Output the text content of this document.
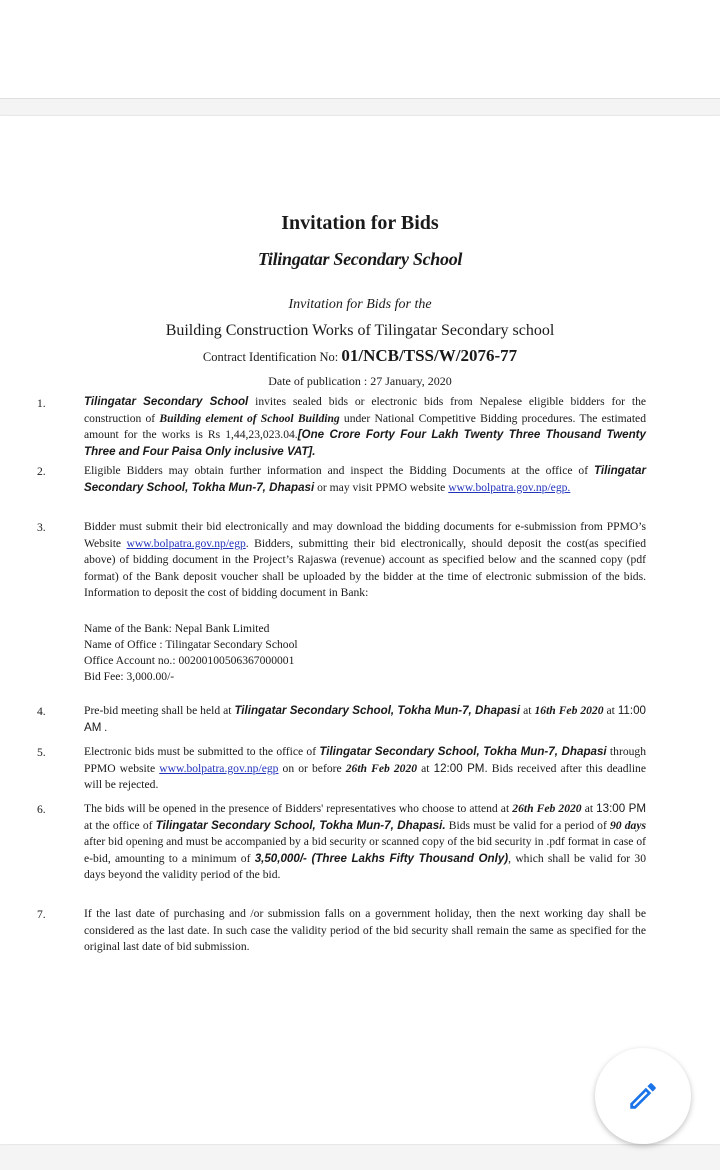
Invitation for Bids
Tilingatar Secondary School
Invitation for Bids for the
Building Construction Works of Tilingatar Secondary school
Contract Identification No: 01/NCB/TSS/W/2076-77
Date of publication : 27 January, 2020
1.	Tilingatar Secondary School invites sealed bids or electronic bids from Nepalese eligible bidders for the construction of Building element of School Building under National Competitive Bidding procedures. The estimated amount for the works is Rs 1,44,23,023.04.[One Crore Forty Four Lakh Twenty Three Thousand Twenty Three and Four Paisa Only inclusive VAT].
2.	Eligible Bidders may obtain further information and inspect the Bidding Documents at the office of Tilingatar Secondary School, Tokha Mun-7, Dhapasi or may visit PPMO website www.bolpatra.gov.np/egp.
3.	Bidder must submit their bid electronically and may download the bidding documents for e-submission from PPMO’s Website www.bolpatra.gov.np/egp. Bidders, submitting their bid electronically, should deposit the cost(as specified above) of bidding document in the Project’s Rajaswa (revenue) account as specified below and the scanned copy (pdf format) of the Bank deposit voucher shall be uploaded by the bidder at the time of electronic submission of the bids. Information to deposit the cost of bidding document in Bank:
Name of the Bank: Nepal Bank Limited
Name of Office : Tilingatar Secondary School
Office Account no.: 00200100506367000001
Bid Fee: 3,000.00/-
4.	Pre-bid meeting shall be held at Tilingatar Secondary School, Tokha Mun-7, Dhapasi at 16th Feb 2020 at 11:00 AM .
5.	Electronic bids must be submitted to the office of Tilingatar Secondary School, Tokha Mun-7, Dhapasi through PPMO website www.bolpatra.gov.np/egp on or before 26th Feb 2020 at 12:00 PM. Bids received after this deadline will be rejected.
6.	The bids will be opened in the presence of Bidders' representatives who choose to attend at 26th Feb 2020 at 13:00 PM at the office of Tilingatar Secondary School, Tokha Mun-7, Dhapasi. Bids must be valid for a period of 90 days after bid opening and must be accompanied by a bid security or scanned copy of the bid security in .pdf format in case of e-bid, amounting to a minimum of 3,50,000/- (Three Lakhs Fifty Thousand Only), which shall be valid for 30 days beyond the validity period of the bid.
7.	If the last date of purchasing and /or submission falls on a government holiday, then the next working day shall be considered as the last date. In such case the validity period of the bid security shall remain the same as specified for the original last date of bid submission.
